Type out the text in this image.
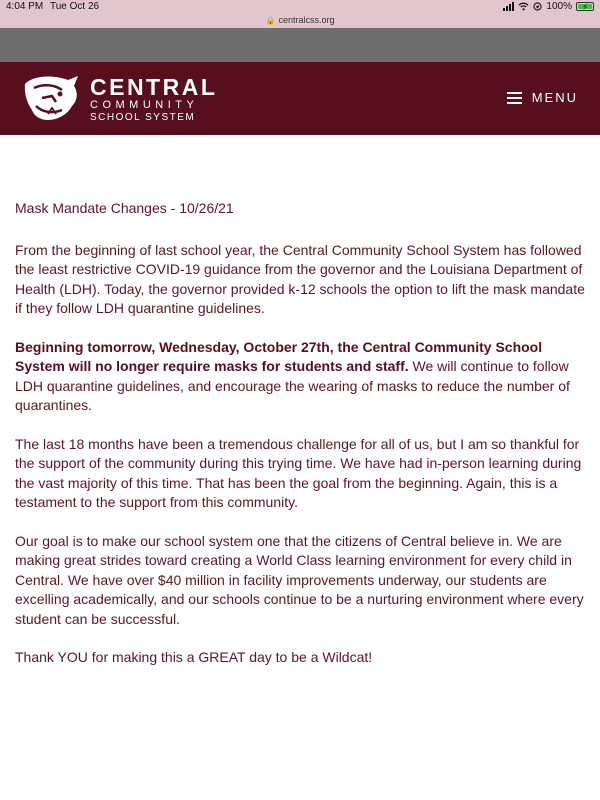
4:04 PM Tue Oct 26	100% ⚡
🔒 centralcss.org
CENTRAL
COMMUNITY
SCHOOL SYSTEM
MENU

Mask Mandate Changes - 10/26/21

From the beginning of last school year, the Central Community School System has followed the least restrictive COVID-19 guidance from the governor and the Louisiana Department of Health (LDH). Today, the governor provided k-12 schools the option to lift the mask mandate if they follow LDH quarantine guidelines.

Beginning tomorrow, Wednesday, October 27th, the Central Community School System will no longer require masks for students and staff. We will continue to follow LDH quarantine guidelines, and encourage the wearing of masks to reduce the number of quarantines.

The last 18 months have been a tremendous challenge for all of us, but I am so thankful for the support of the community during this trying time. We have had in-person learning during the vast majority of this time. That has been the goal from the beginning. Again, this is a testament to the support from this community.

Our goal is to make our school system one that the citizens of Central believe in. We are making great strides toward creating a World Class learning environment for every child in Central. We have over $40 million in facility improvements underway, our students are excelling academically, and our schools continue to be a nurturing environment where every student can be successful.

Thank YOU for making this a GREAT day to be a Wildcat!
